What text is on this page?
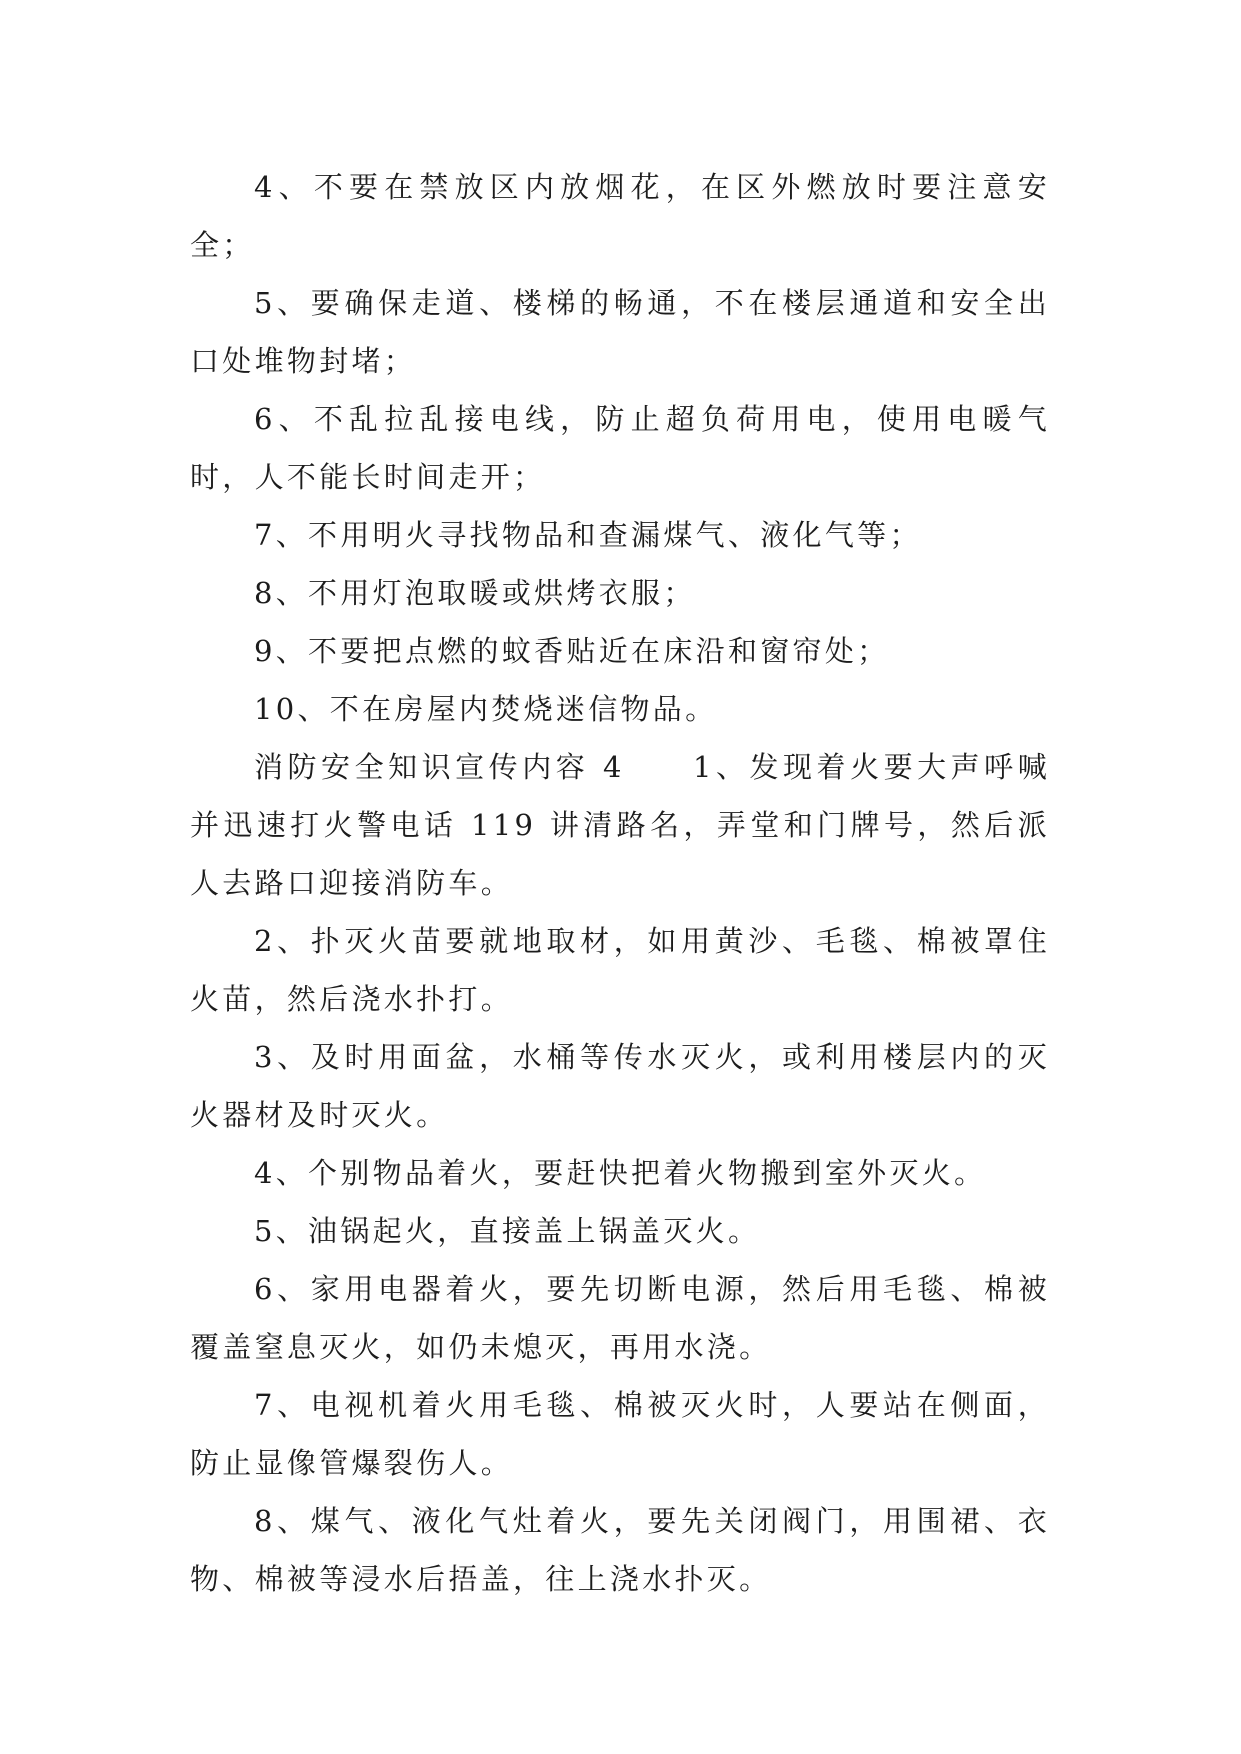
4、不要在禁放区内放烟花，在区外燃放时要注意安全；

5、要确保走道、楼梯的畅通，不在楼层通道和安全出口处堆物封堵；

6、不乱拉乱接电线，防止超负荷用电，使用电暖气时，人不能长时间走开；

7、不用明火寻找物品和查漏煤气、液化气等；

8、不用灯泡取暖或烘烤衣服；

9、不要把点燃的蚊香贴近在床沿和窗帘处；

10、不在房屋内焚烧迷信物品。

消防安全知识宣传内容 4　　1、发现着火要大声呼喊并迅速打火警电话 119 讲清路名，弄堂和门牌号，然后派人去路口迎接消防车。

2、扑灭火苗要就地取材，如用黄沙、毛毯、棉被罩住火苗，然后浇水扑打。

3、及时用面盆，水桶等传水灭火，或利用楼层内的灭火器材及时灭火。

4、个别物品着火，要赶快把着火物搬到室外灭火。

5、油锅起火，直接盖上锅盖灭火。

6、家用电器着火，要先切断电源，然后用毛毯、棉被覆盖窒息灭火，如仍未熄灭，再用水浇。

7、电视机着火用毛毯、棉被灭火时，人要站在侧面，防止显像管爆裂伤人。

8、煤气、液化气灶着火，要先关闭阀门，用围裙、衣物、棉被等浸水后捂盖，往上浇水扑灭。
